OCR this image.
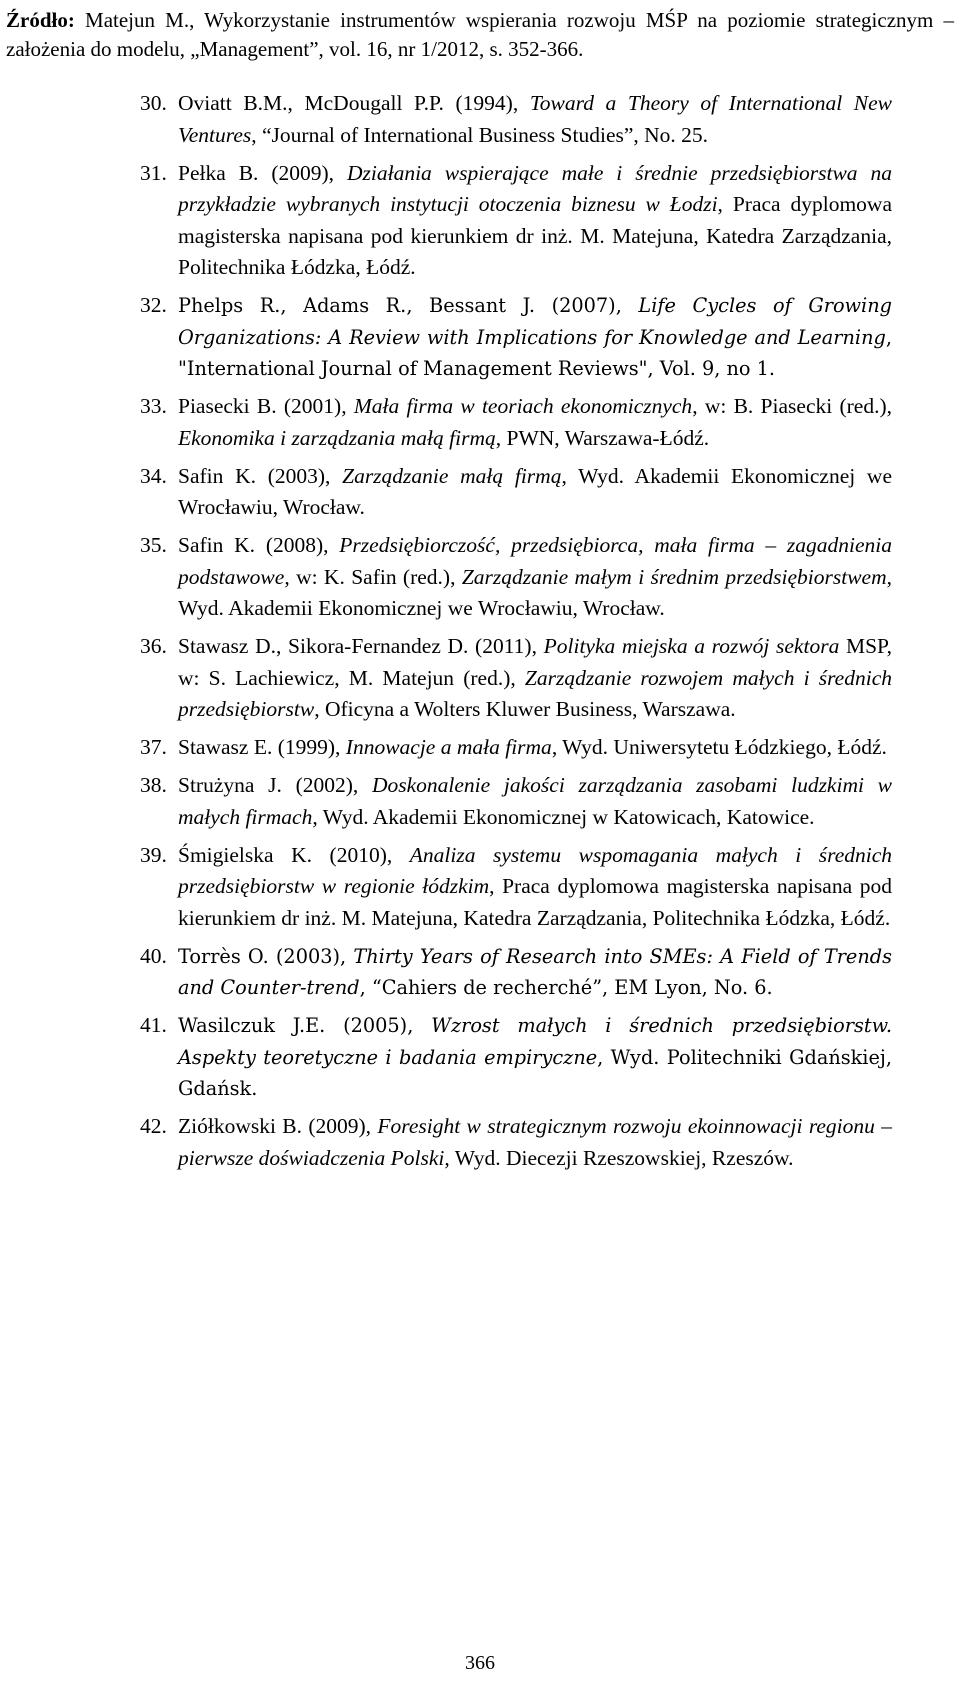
Źródło: Matejun M., Wykorzystanie instrumentów wspierania rozwoju MŚP na poziomie strategicznym – założenia do modelu, „Management”, vol. 16, nr 1/2012, s. 352-366.
30. Oviatt B.M., McDougall P.P. (1994), Toward a Theory of International New Ventures, “Journal of International Business Studies”, No. 25.
31. Pełka B. (2009), Działania wspierające małe i średnie przedsiębiorstwa na przykładzie wybranych instytucji otoczenia biznesu w Łodzi, Praca dyplomowa magisterska napisana pod kierunkiem dr inż. M. Matejuna, Katedra Zarządzania, Politechnika Łódzka, Łódź.
32. Phelps R., Adams R., Bessant J. (2007), Life Cycles of Growing Organizations: A Review with Implications for Knowledge and Learning, "International Journal of Management Reviews", Vol. 9, no 1.
33. Piasecki B. (2001), Mała firma w teoriach ekonomicznych, w: B. Piasecki (red.), Ekonomika i zarządzania małą firmą, PWN, Warszawa-Łódź.
34. Safin K. (2003), Zarządzanie małą firmą, Wyd. Akademii Ekonomicznej we Wrocławiu, Wrocław.
35. Safin K. (2008), Przedsiębiorczość, przedsiębiorca, mała firma – zagadnienia podstawowe, w: K. Safin (red.), Zarządzanie małym i średnim przedsiębiorstwem, Wyd. Akademii Ekonomicznej we Wrocławiu, Wrocław.
36. Stawasz D., Sikora-Fernandez D. (2011), Polityka miejska a rozwój sektora MSP, w: S. Lachiewicz, M. Matejun (red.), Zarządzanie rozwojem małych i średnich przedsiębiorstw, Oficyna a Wolters Kluwer Business, Warszawa.
37. Stawasz E. (1999), Innowacje a mała firma, Wyd. Uniwersytetu Łódzkiego, Łódź.
38. Strużyna J. (2002), Doskonalenie jakości zarządzania zasobami ludzkimi w małych firmach, Wyd. Akademii Ekonomicznej w Katowicach, Katowice.
39. Śmigielska K. (2010), Analiza systemu wspomagania małych i średnich przedsiębiorstw w regionie łódzkim, Praca dyplomowa magisterska napisana pod kierunkiem dr inż. M. Matejuna, Katedra Zarządzania, Politechnika Łódzka, Łódź.
40. Torrès O. (2003), Thirty Years of Research into SMEs: A Field of Trends and Counter-trend, “Cahiers de recherché”, EM Lyon, No. 6.
41. Wasilczuk J.E. (2005), Wzrost małych i średnich przedsiębiorstw. Aspekty teoretyczne i badania empiryczne, Wyd. Politechniki Gdańskiej, Gdańsk.
42. Ziółkowski B. (2009), Foresight w strategicznym rozwoju ekoinnowacji regionu – pierwsze doświadczenia Polski, Wyd. Diecezji Rzeszowskiej, Rzeszów.
366
